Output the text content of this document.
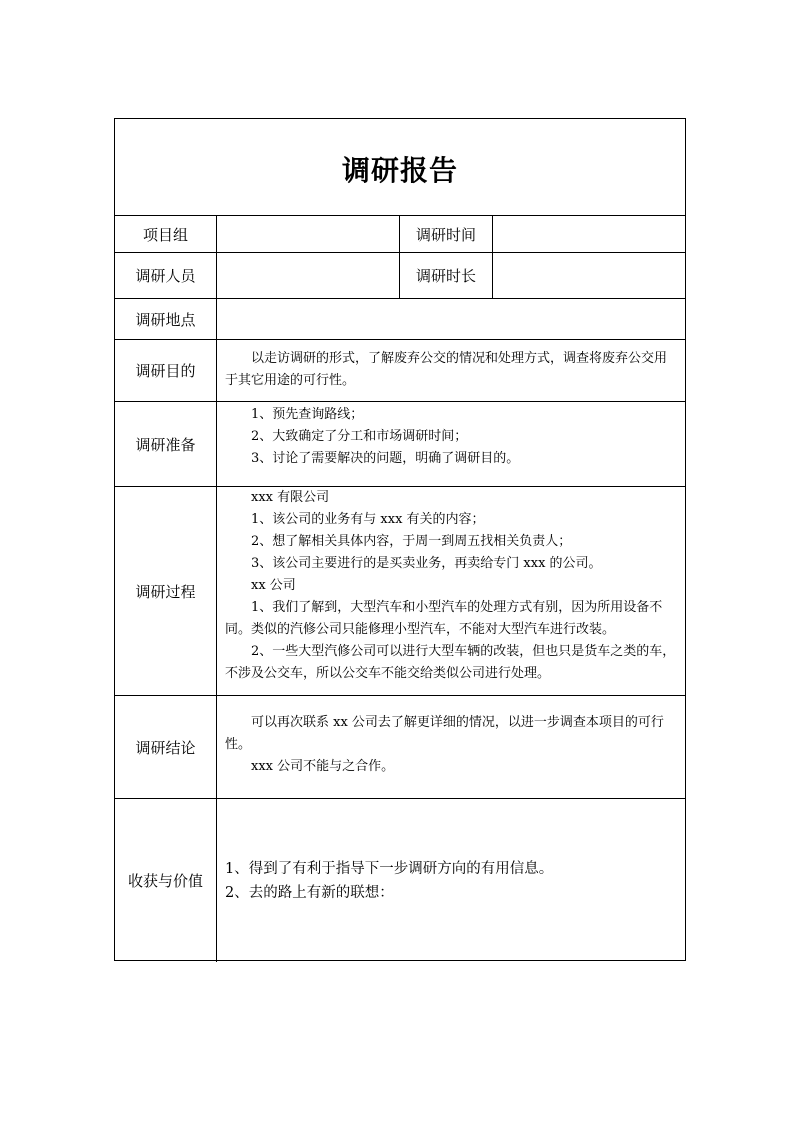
调研报告
项目组	调研时间
调研人员	调研时长
调研地点
调研目的

以走访调研的形式，了解废弃公交的情况和处理方式，调查将废弃公交用于其它用途的可行性。

调研准备

1、预先查询路线；

2、大致确定了分工和市场调研时间；

3、讨论了需要解决的问题，明确了调研目的。

调研过程

xxx 有限公司

1、该公司的业务有与 xxx 有关的内容；

2、想了解相关具体内容，于周一到周五找相关负责人；

3、该公司主要进行的是买卖业务，再卖给专门 xxx 的公司。

xx 公司

1、我们了解到，大型汽车和小型汽车的处理方式有别，因为所用设备不同。类似的汽修公司只能修理小型汽车，不能对大型汽车进行改装。

2、一些大型汽修公司可以进行大型车辆的改装，但也只是货车之类的车，不涉及公交车，所以公交车不能交给类似公司进行处理。

调研结论

可以再次联系 xx 公司去了解更详细的情况，以进一步调查本项目的可行性。

xxx 公司不能与之合作。

收获与价值

1、得到了有利于指导下一步调研方向的有用信息。

2、去的路上有新的联想：
